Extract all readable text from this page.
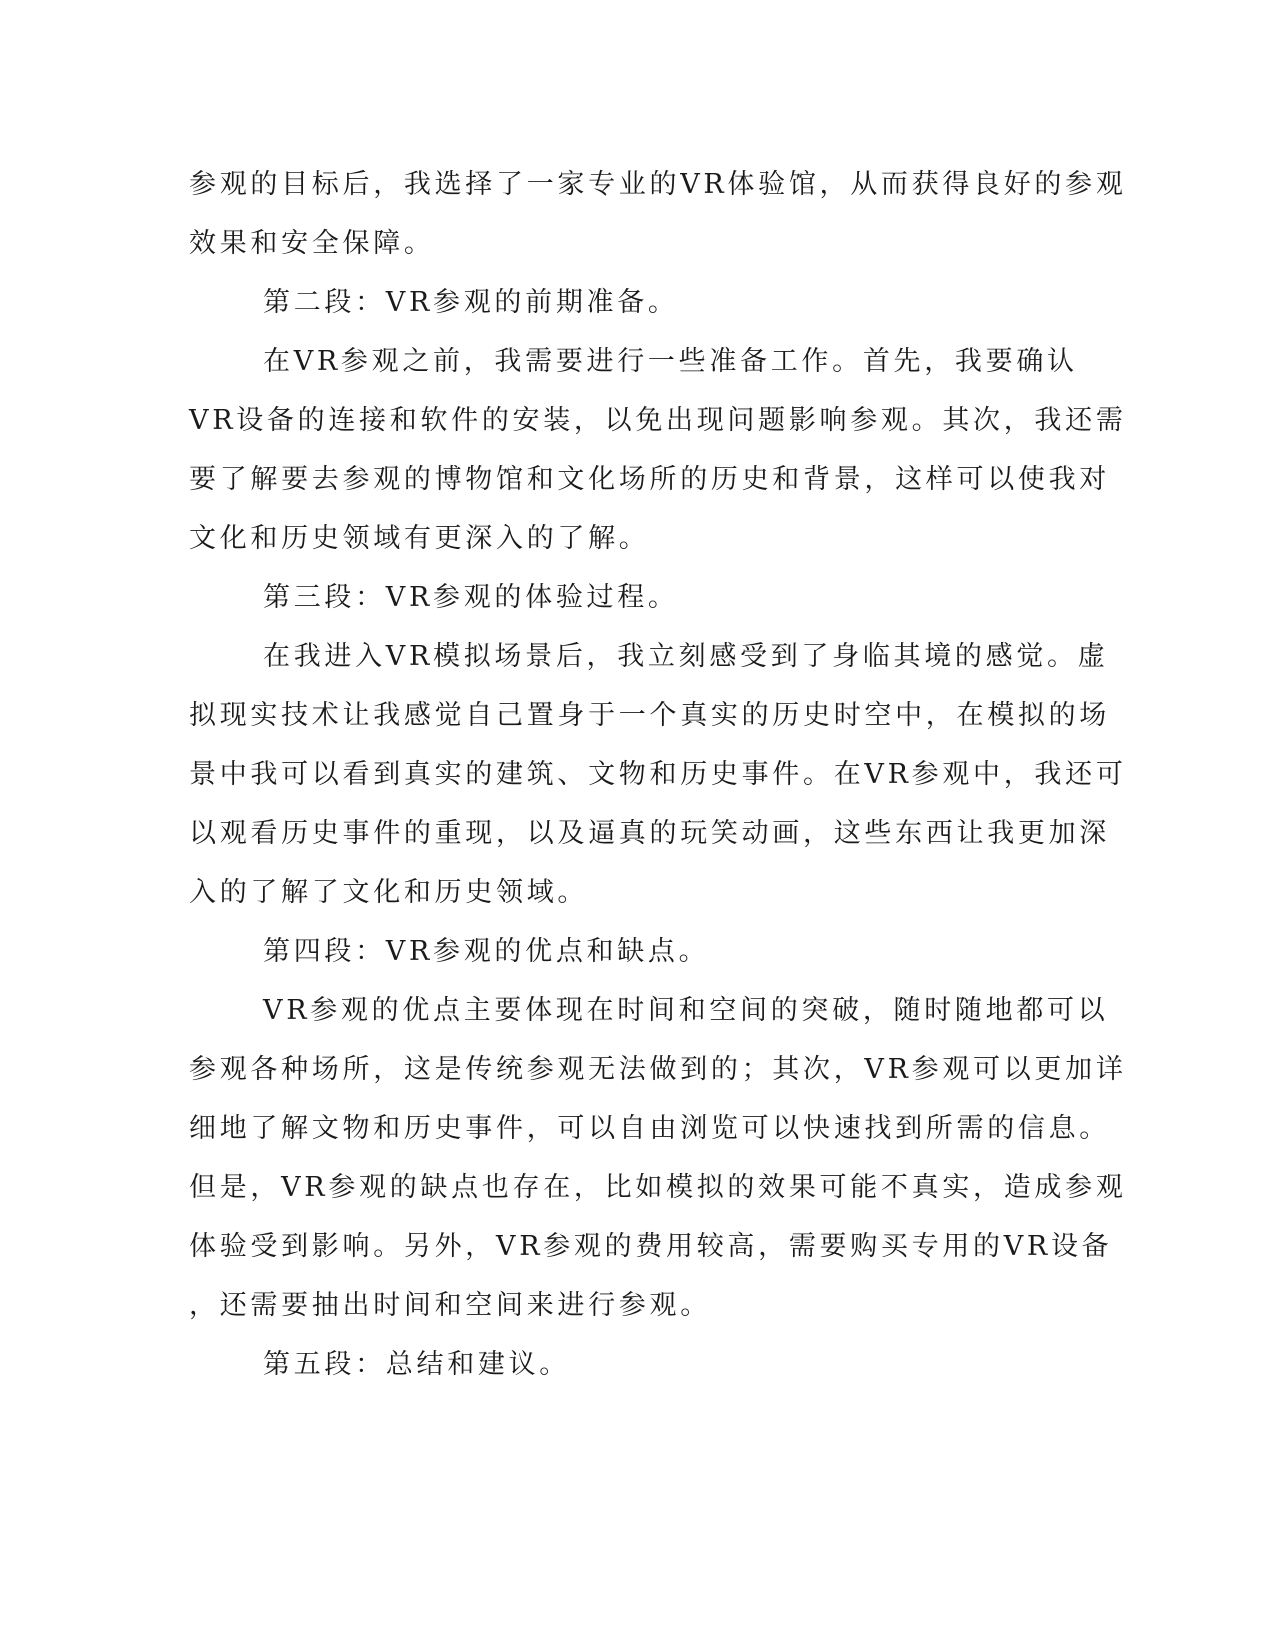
参观的目标后，我选择了一家专业的VR体验馆，从而获得良好的参观

效果和安全保障。

第二段：VR参观的前期准备。

在VR参观之前，我需要进行一些准备工作。首先，我要确认

VR设备的连接和软件的安装，以免出现问题影响参观。其次，我还需

要了解要去参观的博物馆和文化场所的历史和背景，这样可以使我对

文化和历史领域有更深入的了解。

第三段：VR参观的体验过程。

在我进入VR模拟场景后，我立刻感受到了身临其境的感觉。虚

拟现实技术让我感觉自己置身于一个真实的历史时空中，在模拟的场

景中我可以看到真实的建筑、文物和历史事件。在VR参观中，我还可

以观看历史事件的重现，以及逼真的玩笑动画，这些东西让我更加深

入的了解了文化和历史领域。

第四段：VR参观的优点和缺点。

VR参观的优点主要体现在时间和空间的突破，随时随地都可以

参观各种场所，这是传统参观无法做到的；其次，VR参观可以更加详

细地了解文物和历史事件，可以自由浏览可以快速找到所需的信息。

但是，VR参观的缺点也存在，比如模拟的效果可能不真实，造成参观

体验受到影响。另外，VR参观的费用较高，需要购买专用的VR设备

，还需要抽出时间和空间来进行参观。

第五段：总结和建议。
